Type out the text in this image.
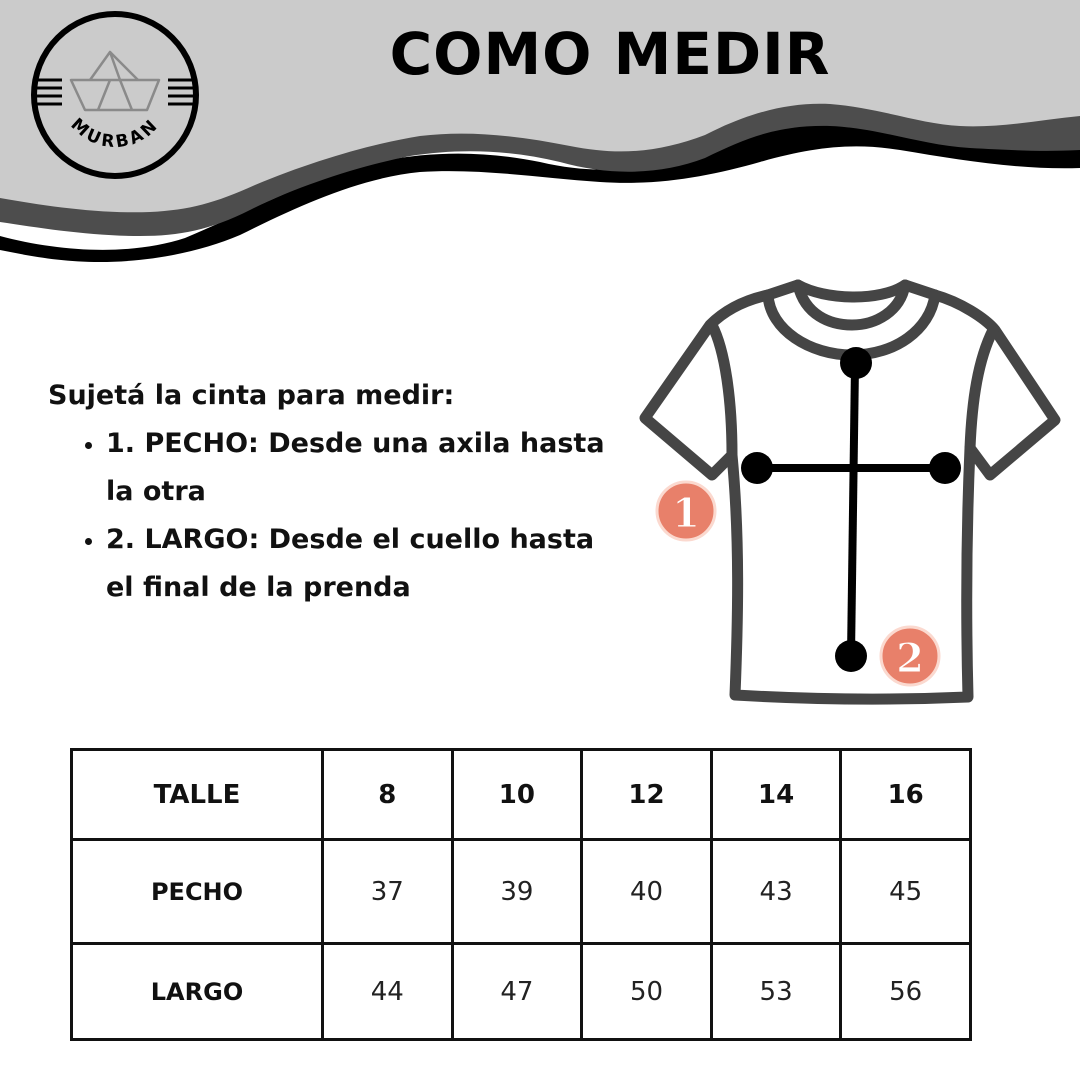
MURBAN
COMO MEDIR

Sujetá la cinta para medir:

• 1. PECHO: Desde una axila hasta la otra
• 2. LARGO: Desde el cuello hasta el final de la prenda
1
2
TALLE	8	10	12	14	16
PECHO	37	39	40	43	45
LARGO	44	47	50	53	56
